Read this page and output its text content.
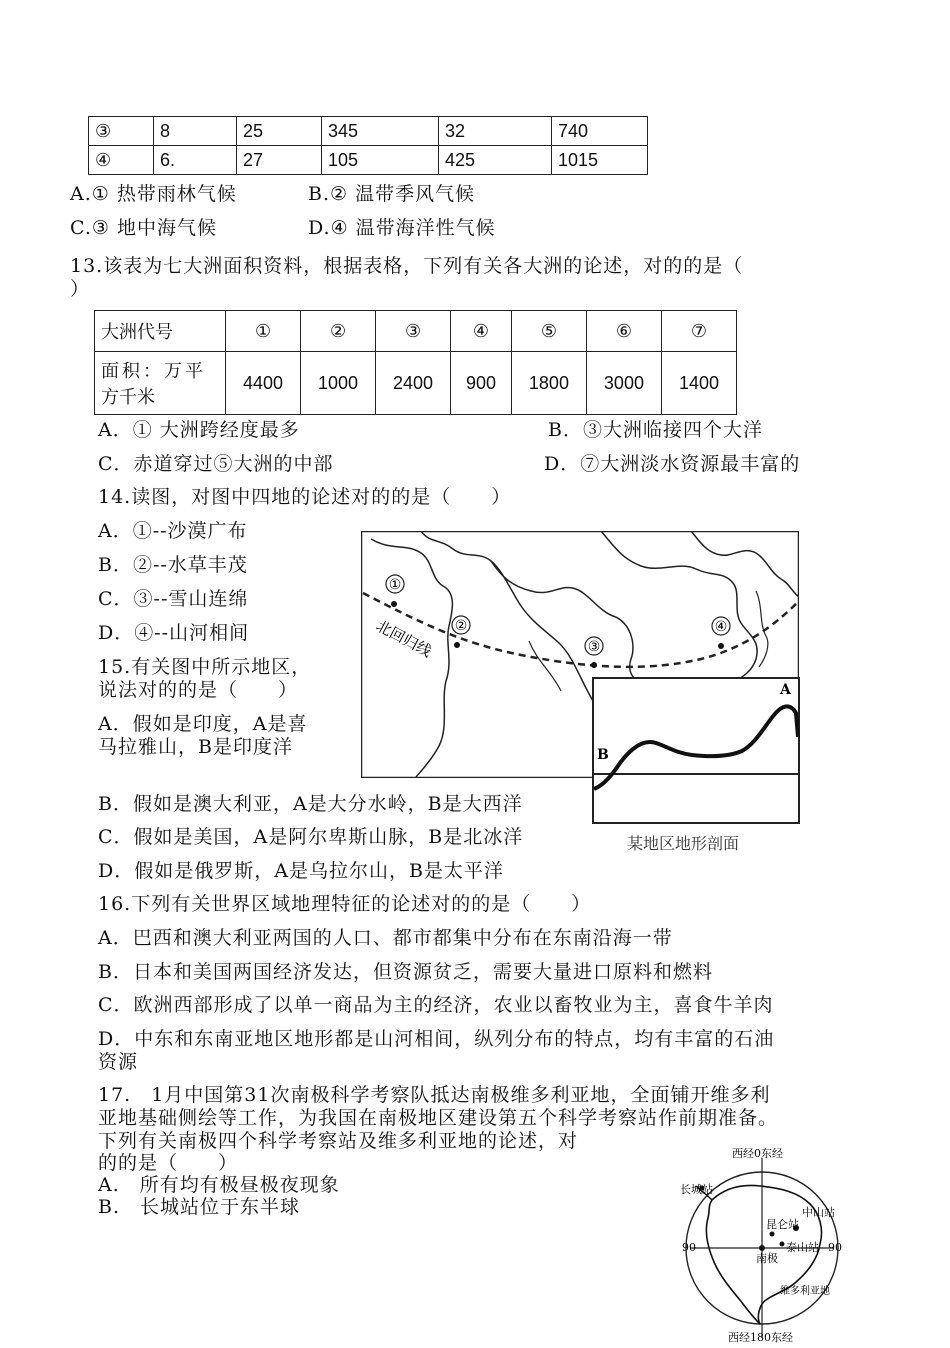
③	8	25	345	32	740
④	6.	27	105	425	1015
A.① 热带雨林气候	B.② 温带季风气候
C.③ 地中海气候	D.④ 温带海洋性气候
13.该表为七大洲面积资料，根据表格，下列有关各大洲的论述，对的的是（
）
大洲代号	①	②	③	④	⑤	⑥	⑦

面积：万平
方千米	4400	1000	2400	900	1800	3000	1400
A．① 大洲跨经度最多	B．③大洲临接四个大洋
C．赤道穿过⑤大洲的中部	D．⑦大洲淡水资源最丰富的
14.读图，对图中四地的论述对的的是（　　）
A．①--沙漠广布
B．②--水草丰茂
C．③--雪山连绵
D．④--山河相间
①
②
③
④
北回归线
A
B
某地区地形剖面
15.有关图中所示地区，
说法对的的是（　　）
A．假如是印度，A是喜
马拉雅山，B是印度洋
B．假如是澳大利亚，A是大分水岭，B是大西洋
C．假如是美国，A是阿尔卑斯山脉，B是北冰洋
D．假如是俄罗斯，A是乌拉尔山，B是太平洋
16.下列有关世界区域地理特征的论述对的的是（　　）
A．巴西和澳大利亚两国的人口、都市都集中分布在东南沿海一带
B．日本和美国两国经济发达，但资源贫乏，需要大量进口原料和燃料
C．欧洲西部形成了以单一商品为主的经济，农业以畜牧业为主，喜食牛羊肉
D．中东和东南亚地区地形都是山河相间，纵列分布的特点，均有丰富的石油
资源
17.　1月中国第31次南极科学考察队抵达南极维多利亚地，全面铺开维多利
亚地基础侧绘等工作，为我国在南极地区建设第五个科学考察站作前期准备。
下列有关南极四个科学考察站及维多利亚地的论述，对
的的是（　　）
A.　所有均有极昼极夜现象
B.　长城站位于东半球
西经0东经
西经180东经
90	90
长城站
中山站
昆仑站
泰山站
南极
维多利亚地
